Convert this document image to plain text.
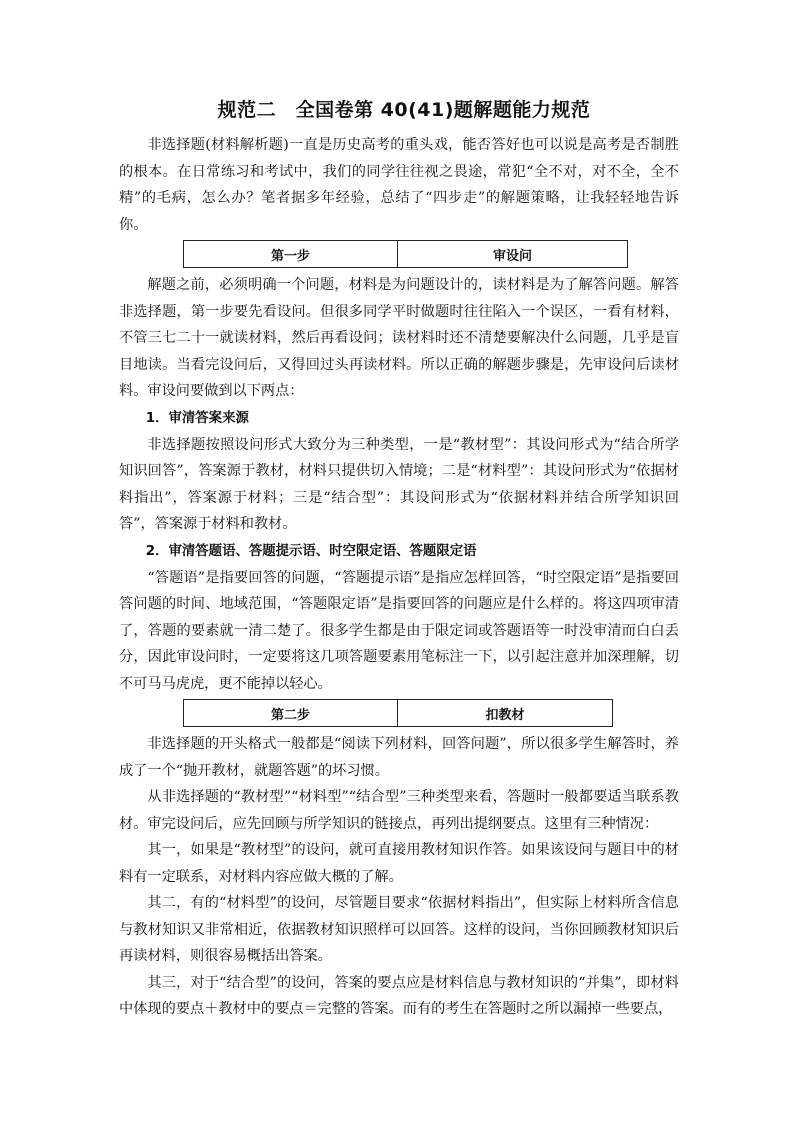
规范二　全国卷第 40(41)题解题能力规范

非选择题(材料解析题)一直是历史高考的重头戏，能否答好也可以说是高考是否制胜的根本。在日常练习和考试中，我们的同学往往视之畏途，常犯“全不对，对不全，全不精”的毛病，怎么办？笔者据多年经验，总结了“四步走”的解题策略，让我轻轻地告诉你。

第一步	审设问

解题之前，必须明确一个问题，材料是为问题设计的，读材料是为了解答问题。解答非选择题，第一步要先看设问。但很多同学平时做题时往往陷入一个误区，一看有材料，不管三七二十一就读材料，然后再看设问；读材料时还不清楚要解决什么问题，几乎是盲目地读。当看完设问后，又得回过头再读材料。所以正确的解题步骤是，先审设问后读材料。审设问要做到以下两点：

1．审清答案来源

非选择题按照设问形式大致分为三种类型，一是“教材型”：其设问形式为“结合所学知识回答”，答案源于教材，材料只提供切入情境；二是“材料型”：其设问形式为“依据材料指出”，答案源于材料；三是“结合型”：其设问形式为“依据材料并结合所学知识回答”，答案源于材料和教材。

2．审清答题语、答题提示语、时空限定语、答题限定语

“答题语”是指要回答的问题，“答题提示语”是指应怎样回答，“时空限定语”是指要回答问题的时间、地域范围，“答题限定语”是指要回答的问题应是什么样的。将这四项审清了，答题的要素就一清二楚了。很多学生都是由于限定词或答题语等一时没审清而白白丢分，因此审设问时，一定要将这几项答题要素用笔标注一下，以引起注意并加深理解，切不可马马虎虎，更不能掉以轻心。

第二步	扣教材

非选择题的开头格式一般都是“阅读下列材料，回答问题”，所以很多学生解答时，养成了一个“抛开教材，就题答题”的坏习惯。

从非选择题的“教材型”“材料型”“结合型”三种类型来看，答题时一般都要适当联系教材。审完设问后，应先回顾与所学知识的链接点，再列出提纲要点。这里有三种情况：

其一，如果是“教材型”的设问，就可直接用教材知识作答。如果该设问与题目中的材料有一定联系，对材料内容应做大概的了解。

其二，有的“材料型”的设问，尽管题目要求“依据材料指出”，但实际上材料所含信息与教材知识又非常相近，依据教材知识照样可以回答。这样的设问，当你回顾教材知识后再读材料，则很容易概括出答案。

其三，对于“结合型”的设问，答案的要点应是材料信息与教材知识的“并集”，即材料中体现的要点＋教材中的要点＝完整的答案。而有的考生在答题时之所以漏掉一些要点，
